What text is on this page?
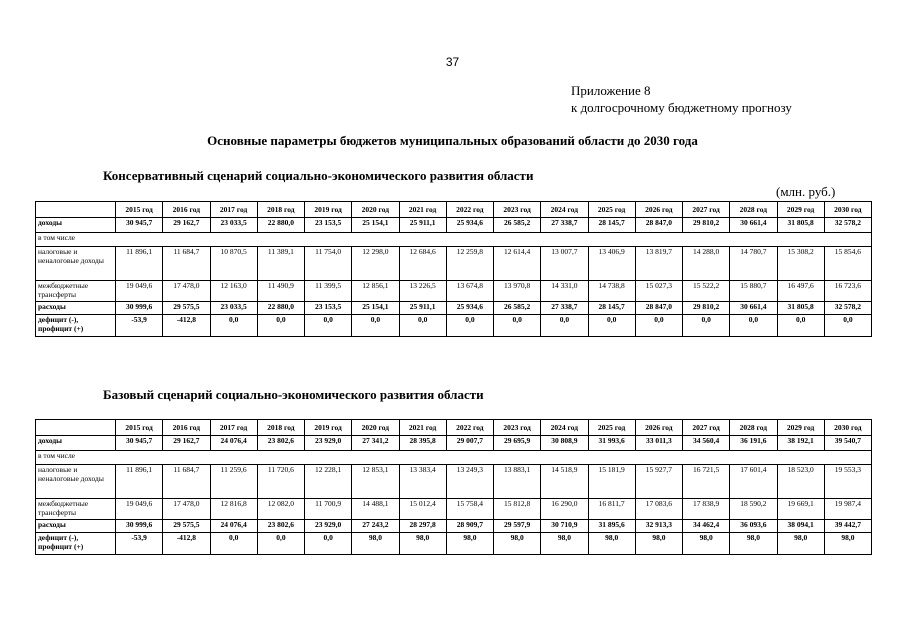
37
Приложение 8
к долгосрочному бюджетному прогнозу
Основные параметры бюджетов муниципальных образований области до 2030 года
Консервативный сценарий социально-экономического развития области
(млн. руб.)
	2015 год	2016 год	2017 год	2018 год	2019 год	2020 год	2021 год	2022 год	2023 год	2024 год	2025 год	2026 год	2027 год	2028 год	2029 год	2030 год
доходы	30 945,7	29 162,7	23 033,5	22 880,0	23 153,5	25 154,1	25 911,1	25 934,6	26 585,2	27 338,7	28 145,7	28 847,0	29 810,2	30 661,4	31 805,8	32 578,2
в том числе																
налоговые и неналоговые доходы	11 896,1	11 684,7	10 870,5	11 389,1	11 754,0	12 298,0	12 684,6	12 259,8	12 614,4	13 007,7	13 406,9	13 819,7	14 288,0	14 780,7	15 308,2	15 854,6
межбюджетные трансферты	19 049,6	17 478,0	12 163,0	11 490,9	11 399,5	12 856,1	13 226,5	13 674,8	13 970,8	14 331,0	14 738,8	15 027,3	15 522,2	15 880,7	16 497,6	16 723,6
расходы	30 999,6	29 575,5	23 033,5	22 880,0	23 153,5	25 154,1	25 911,1	25 934,6	26 585,2	27 338,7	28 145,7	28 847,0	29 810,2	30 661,4	31 805,8	32 578,2
дефицит (-), профицит (+)	-53,9	-412,8	0,0	0,0	0,0	0,0	0,0	0,0	0,0	0,0	0,0	0,0	0,0	0,0	0,0	0,0
Базовый сценарий социально-экономического развития области
	2015 год	2016 год	2017 год	2018 год	2019 год	2020 год	2021 год	2022 год	2023 год	2024 год	2025 год	2026 год	2027 год	2028 год	2029 год	2030 год
доходы	30 945,7	29 162,7	24 076,4	23 802,6	23 929,0	27 341,2	28 395,8	29 007,7	29 695,9	30 808,9	31 993,6	33 011,3	34 560,4	36 191,6	38 192,1	39 540,7
в том числе																
налоговые и неналоговые доходы	11 896,1	11 684,7	11 259,6	11 720,6	12 228,1	12 853,1	13 383,4	13 249,3	13 883,1	14 518,9	15 181,9	15 927,7	16 721,5	17 601,4	18 523,0	19 553,3
межбюджетные трансферты	19 049,6	17 478,0	12 816,8	12 082,0	11 700,9	14 488,1	15 012,4	15 758,4	15 812,8	16 290,0	16 811,7	17 083,6	17 838,9	18 590,2	19 669,1	19 987,4
расходы	30 999,6	29 575,5	24 076,4	23 802,6	23 929,0	27 243,2	28 297,8	28 909,7	29 597,9	30 710,9	31 895,6	32 913,3	34 462,4	36 093,6	38 094,1	39 442,7
дефицит (-), профицит (+)	-53,9	-412,8	0,0	0,0	0,0	98,0	98,0	98,0	98,0	98,0	98,0	98,0	98,0	98,0	98,0	98,0
